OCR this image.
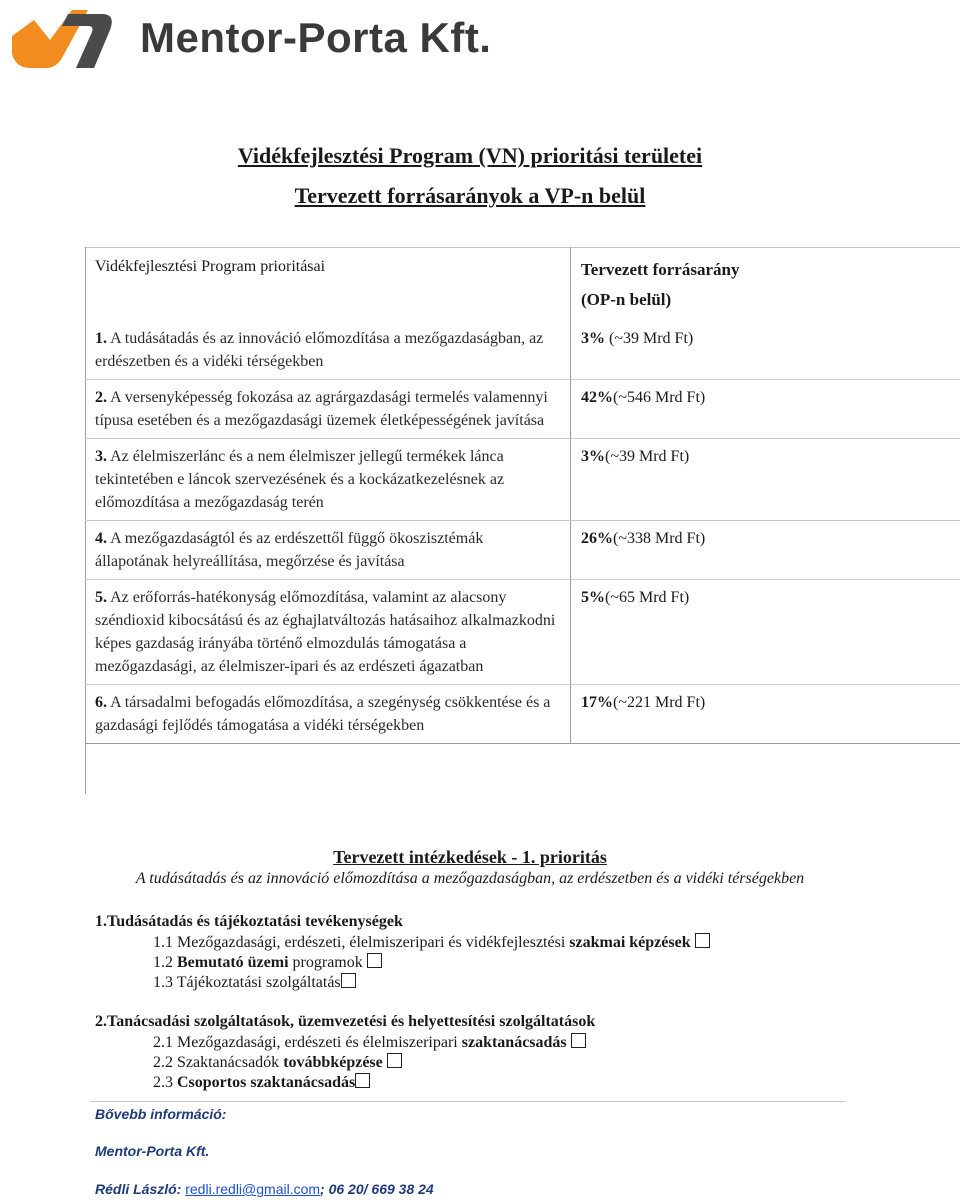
Mentor-Porta Kft.
Vidékfejlesztési Program (VN) prioritási területei
Tervezett forrásarányok a VP-n belül
Vidékfejlesztési Program prioritásai	Tervezett forrásarány
(OP-n belül)

1. A tudásátadás és az innováció előmozdítása a mezőgazdaságban, az erdészetben és a vidéki térségekben	3% (~39 Mrd Ft)
2. A versenyképesség fokozása az agrárgazdasági termelés valamennyi típusa esetében és a mezőgazdasági üzemek életképességének javítása	42%(~546 Mrd Ft)
3. Az élelmiszerlánc és a nem élelmiszer jellegű termékek lánca tekintetében e láncok szervezésének és a kockázatkezelésnek az előmozdítása a mezőgazdaság terén	3%(~39 Mrd Ft)
4. A mezőgazdaságtól és az erdészettől függő ökoszisztémák állapotának helyreállítása, megőrzése és javítása	26%(~338 Mrd Ft)
5. Az erőforrás-hatékonyság előmozdítása, valamint az alacsony széndioxid kibocsátású és az éghajlatváltozás hatásaihoz alkalmazkodni képes gazdaság irányába történő elmozdulás támogatása a mezőgazdasági, az élelmiszer-ipari és az erdészeti ágazatban	5%(~65 Mrd Ft)
6. A társadalmi befogadás előmozdítása, a szegénység csökkentése és a gazdasági fejlődés támogatása a vidéki térségekben	17%(~221 Mrd Ft)
Tervezett intézkedések - 1. prioritás
A tudásátadás és az innováció előmozdítása a mezőgazdaságban, az erdészetben és a vidéki térségekben
1.Tudásátadás és tájékoztatási tevékenységek
1.1 Mezőgazdasági, erdészeti, élelmiszeripari és vidékfejlesztési szakmai képzések
1.2 Bemutató üzemi programok
1.3 Tájékoztatási szolgáltatás
2.Tanácsadási szolgáltatások, üzemvezetési és helyettesítési szolgáltatások
2.1 Mezőgazdasági, erdészeti és élelmiszeripari szaktanácsadás
2.2 Szaktanácsadók továbbképzése
2.3 Csoportos szaktanácsadás
Bővebb információ:
Mentor-Porta Kft.
Rédli László: redli.redli@gmail.com; 06 20/ 669 38 24
